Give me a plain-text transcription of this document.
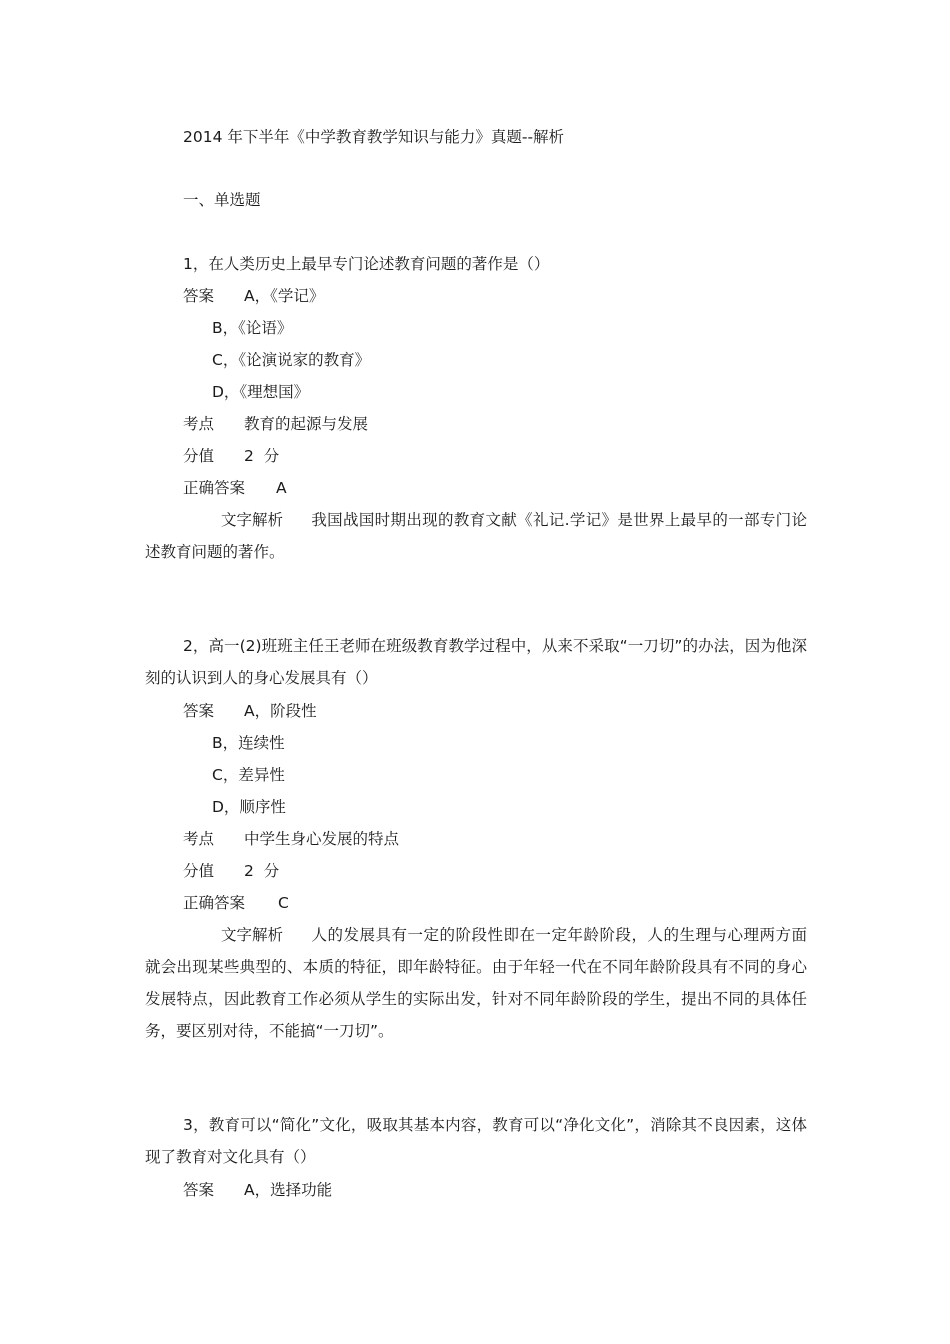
2014 年下半年《中学教育教学知识与能力》真题--解析
一、单选题
1，在人类历史上最早专门论述教育问题的著作是（）
答案 A，《学记》
B，《论语》
C，《论演说家的教育》
D，《理想国》
考点 教育的起源与发展
分值 2  分
正确答案 A
文字解析 我国战国时期出现的教育文献《礼记.学记》是世界上最早的一部专门论述教育问题的著作。
2，高一(2)班班主任王老师在班级教育教学过程中，从来不采取“一刀切”的办法，因为他深刻的认识到人的身心发展具有（）
答案 A，阶段性
B，连续性
C，差异性
D，顺序性
考点 中学生身心发展的特点
分值 2  分
正确答案 C
文字解析 人的发展具有一定的阶段性即在一定年龄阶段，人的生理与心理两方面就会出现某些典型的、本质的特征，即年龄特征。由于年轻一代在不同年龄阶段具有不同的身心发展特点，因此教育工作必须从学生的实际出发，针对不同年龄阶段的学生，提出不同的具体任务，要区别对待，不能搞“一刀切”。
3，教育可以“简化”文化，吸取其基本内容，教育可以“净化文化”，消除其不良因素，这体现了教育对文化具有（）
答案 A，选择功能
